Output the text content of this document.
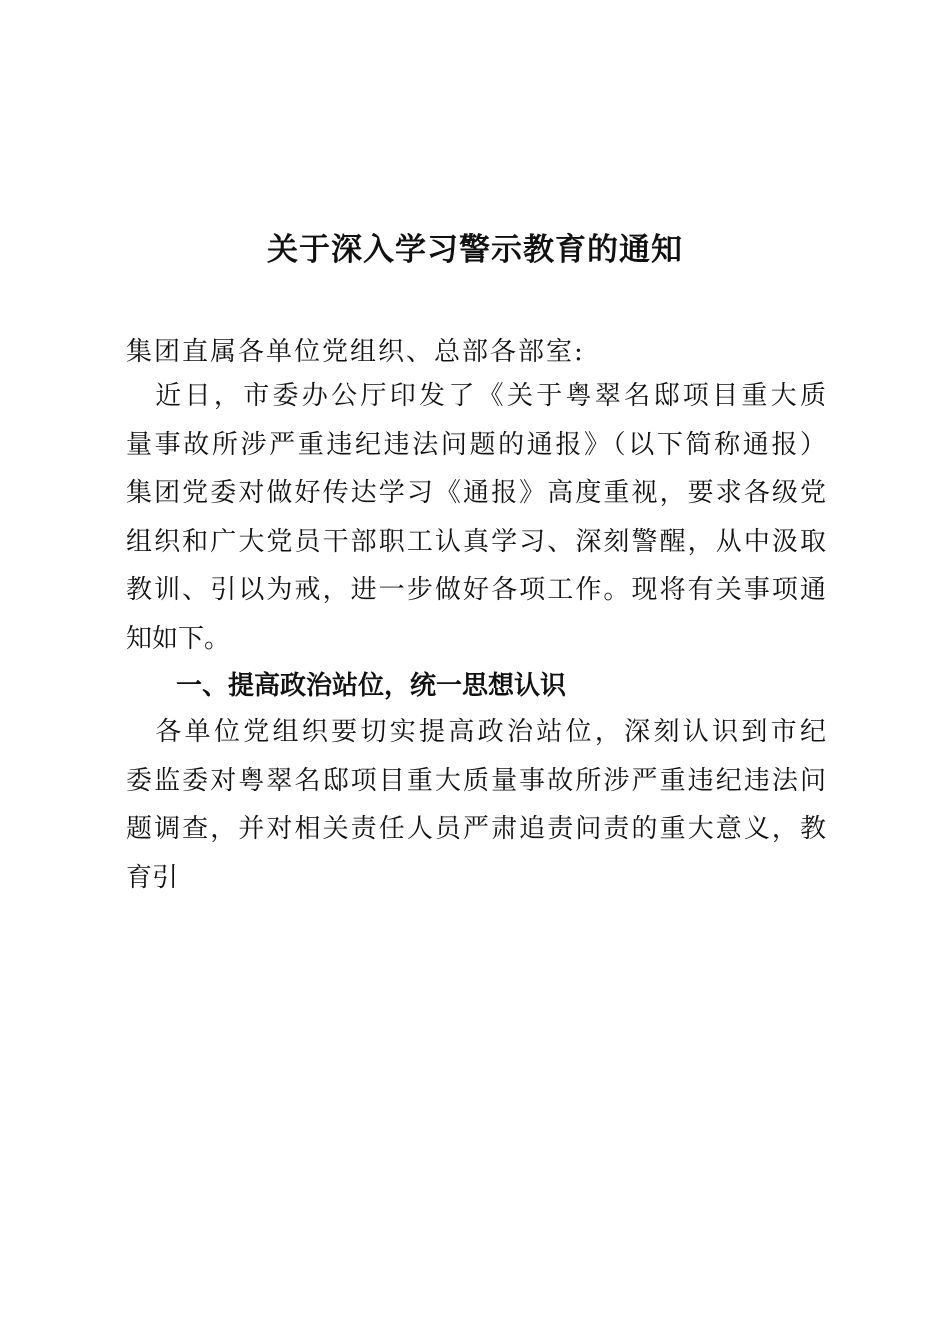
关于深入学习警示教育的通知
集团直属各单位党组织、总部各部室:
　近日，市委办公厅印发了《关于粤翠名邸项目重大质
量事故所涉严重违纪违法问题的通报》（以下简称通报）
集团党委对做好传达学习《通报》高度重视，要求各级党
组织和广大党员干部职工认真学习、深刻警醒，从中汲取
教训、引以为戒，进一步做好各项工作。现将有关事项通
知如下。
一、提高政治站位，统一思想认识
　各单位党组织要切实提高政治站位，深刻认识到市纪
委监委对粤翠名邸项目重大质量事故所涉严重违纪违法问
题调查，并对相关责任人员严肃追责问责的重大意义，教
育引
